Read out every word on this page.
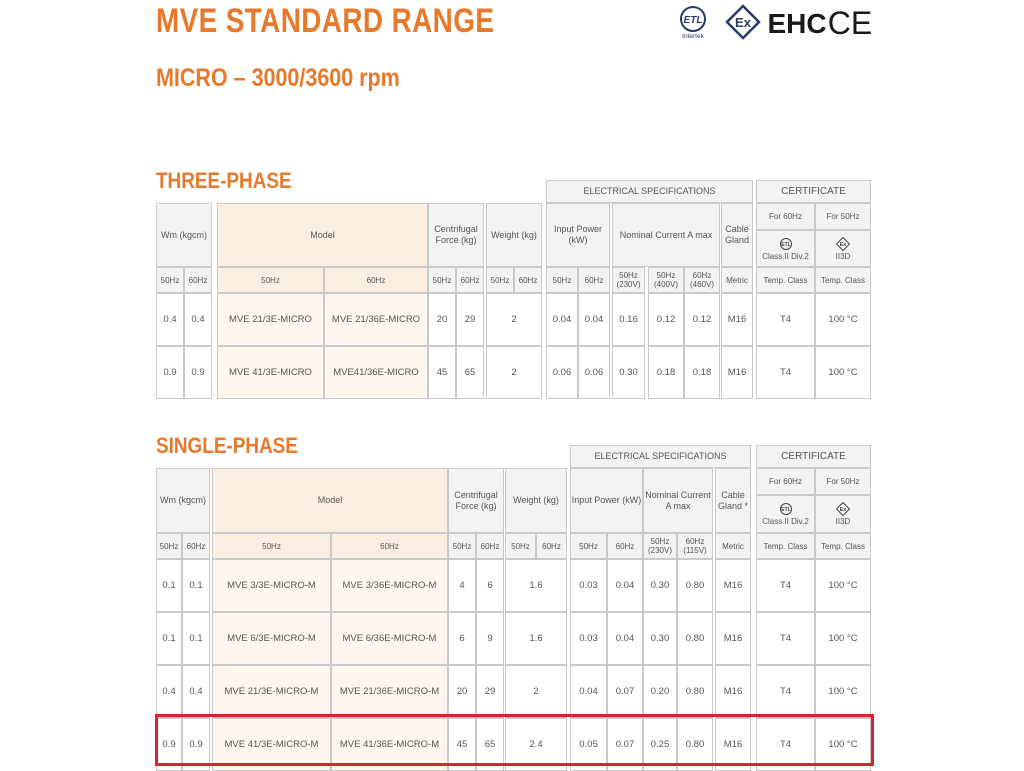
MVE STANDARD RANGE
MICRO – 3000/3600 rpm
ETL
Intertek
Ex EHC CE
THREE-PHASE	ELECTRICAL SPECIFICATIONS	CERTIFICATE
Wm (kgcm)	Model
Centrifugal Force (kg)
Weight (kg)
Input Power (kW)
Nominal Current A max
Cable Gland
For 60Hz	For 50Hz
ETL
Class II Div.2
Ex
II3D
50Hz	60Hz	50Hz	60Hz	50Hz	60Hz	50Hz	60Hz	50Hz	60Hz	50Hz (230V)
50Hz (400V)
60Hz (460V)	Metric	Temp. Class	Temp. Class
0.4	0.4	MVE 21/3E-MICRO	MVE 21/36E-MICRO	20	29	2	0.04	0.04	0.16	0.12	0.12	M16	T4	100 °C
0.9	0.9	MVE 41/3E-MICRO	MVE41/36E-MICRO	45	65	2	0.06	0.06	0.30	0.18	0.18	M16	T4	100 °C
SINGLE-PHASE	ELECTRICAL SPECIFICATIONS	CERTIFICATE
Wm (kgcm)	Model
Centrifugal Force (kg)
Weight (kg)	Input Power (kW)
Nominal Current A max
Cable Gland *
For 60Hz	For 50Hz
ETL
Class II Div.2
Ex
II3D
50Hz	60Hz	50Hz	60Hz	50Hz	60Hz	50Hz	60Hz	50Hz	60Hz	50Hz (230V)
60Hz (115V)	Metric	Temp. Class	Temp. Class
0.1	0.1	MVE 3/3E-MICRO-M	MVE 3/36E-MICRO-M	4	6	1.6	0.03	0.04	0.30	0.80	M16	T4	100 °C
0.1	0.1	MVE 6/3E-MICRO-M	MVE 6/36E-MICRO-M	6	9	1.6	0.03	0.04	0.30	0.80	M16	T4	100 °C
0.4	0.4	MVE 21/3E-MICRO-M	MVE 21/36E-MICRO-M	20	29	2	0.04	0.07	0.20	0.80	M16	T4	100 °C
0.9	0.9	MVE 41/3E-MICRO-M	MVE 41/36E-MICRO-M	45	65	2.4	0.05	0.07	0.25	0.80	M16	T4	100 °C
